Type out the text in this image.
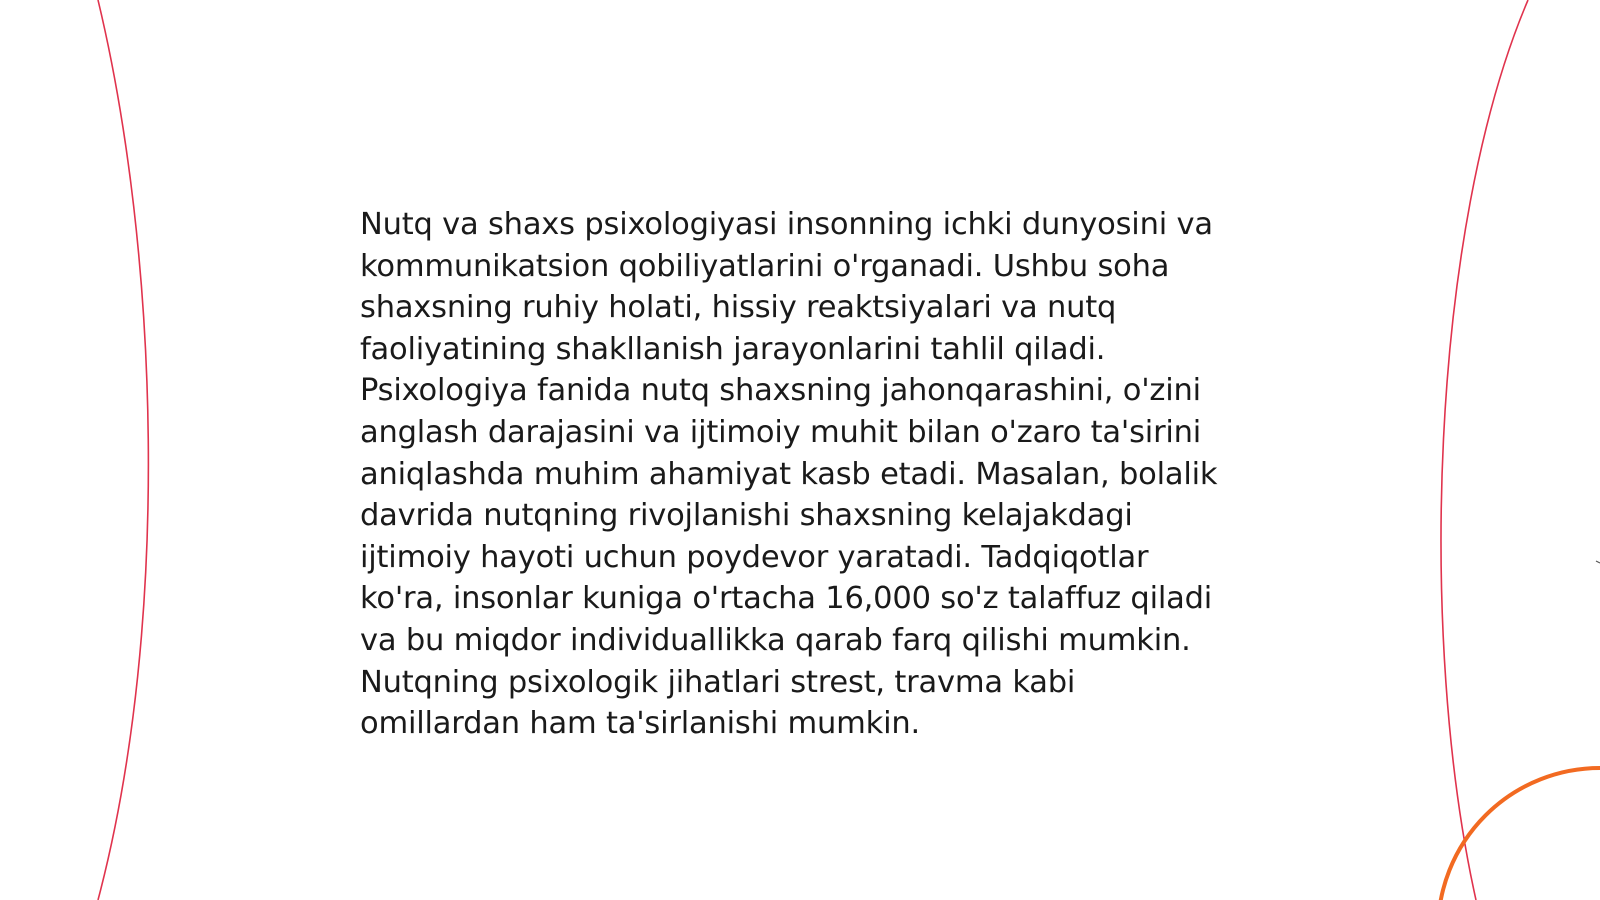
Nutq va shaxs psixologiyasi insonning ichki dunyosini va kommunikatsion qobiliyatlarini o'rganadi. Ushbu soha shaxsning ruhiy holati, hissiy reaktsiyalari va nutq faoliyatining shakllanish jarayonlarini tahlil qiladi. Psixologiya fanida nutq shaxsning jahonqarashini, o'zini anglash darajasini va ijtimoiy muhit bilan o'zaro ta'sirini aniqlashda muhim ahamiyat kasb etadi. Masalan, bolalik davrida nutqning rivojlanishi shaxsning kelajakdagi ijtimoiy hayoti uchun poydevor yaratadi. Tadqiqotlar ko'ra, insonlar kuniga o'rtacha 16,000 so'z talaffuz qiladi va bu miqdor individuallikka qarab farq qilishi mumkin. Nutqning psixologik jihatlari strest, travma kabi omillardan ham ta'sirlanishi mumkin.
